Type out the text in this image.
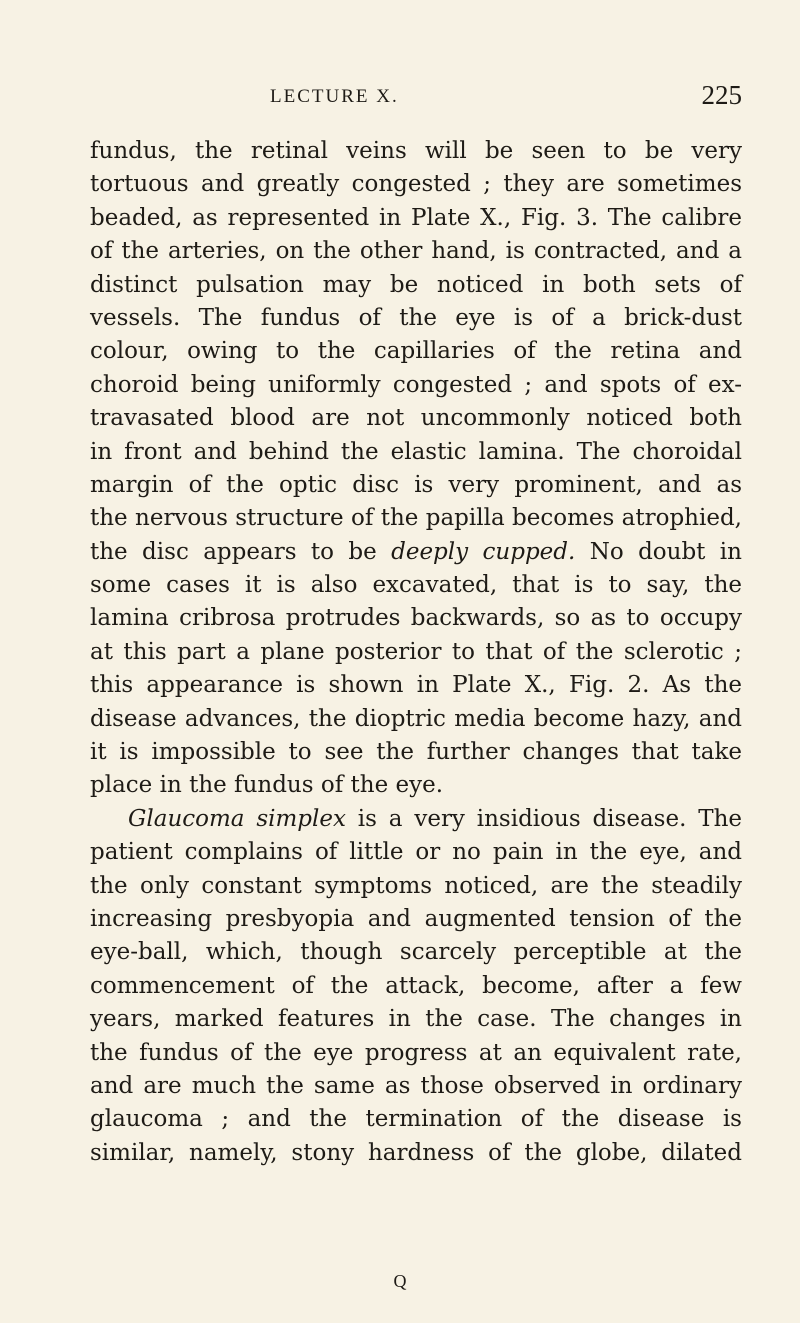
LECTURE X.	225
fundus, the retinal veins will be seen to be very
tortuous and greatly congested ; they are sometimes
beaded, as represented in Plate X., Fig. 3. The calibre
of the arteries, on the other hand, is contracted, and a
distinct pulsation may be noticed in both sets of
vessels. The fundus of the eye is of a brick-dust
colour, owing to the capillaries of the retina and
choroid being uniformly congested ; and spots of ex-
travasated blood are not uncommonly noticed both
in front and behind the elastic lamina. The choroidal
margin of the optic disc is very prominent, and as
the nervous structure of the papilla becomes atrophied,
the disc appears to be deeply cupped. No doubt in
some cases it is also excavated, that is to say, the
lamina cribrosa protrudes backwards, so as to occupy
at this part a plane posterior to that of the sclerotic ;
this appearance is shown in Plate X., Fig. 2. As the
disease advances, the dioptric media become hazy, and
it is impossible to see the further changes that take
place in the fundus of the eye.
Glaucoma simplex is a very insidious disease. The
patient complains of little or no pain in the eye, and
the only constant symptoms noticed, are the steadily
increasing presbyopia and augmented tension of the
eye-ball, which, though scarcely perceptible at the
commencement of the attack, become, after a few
years, marked features in the case. The changes in
the fundus of the eye progress at an equivalent rate,
and are much the same as those observed in ordinary
glaucoma ; and the termination of the disease is
similar, namely, stony hardness of the globe, dilated
Q
